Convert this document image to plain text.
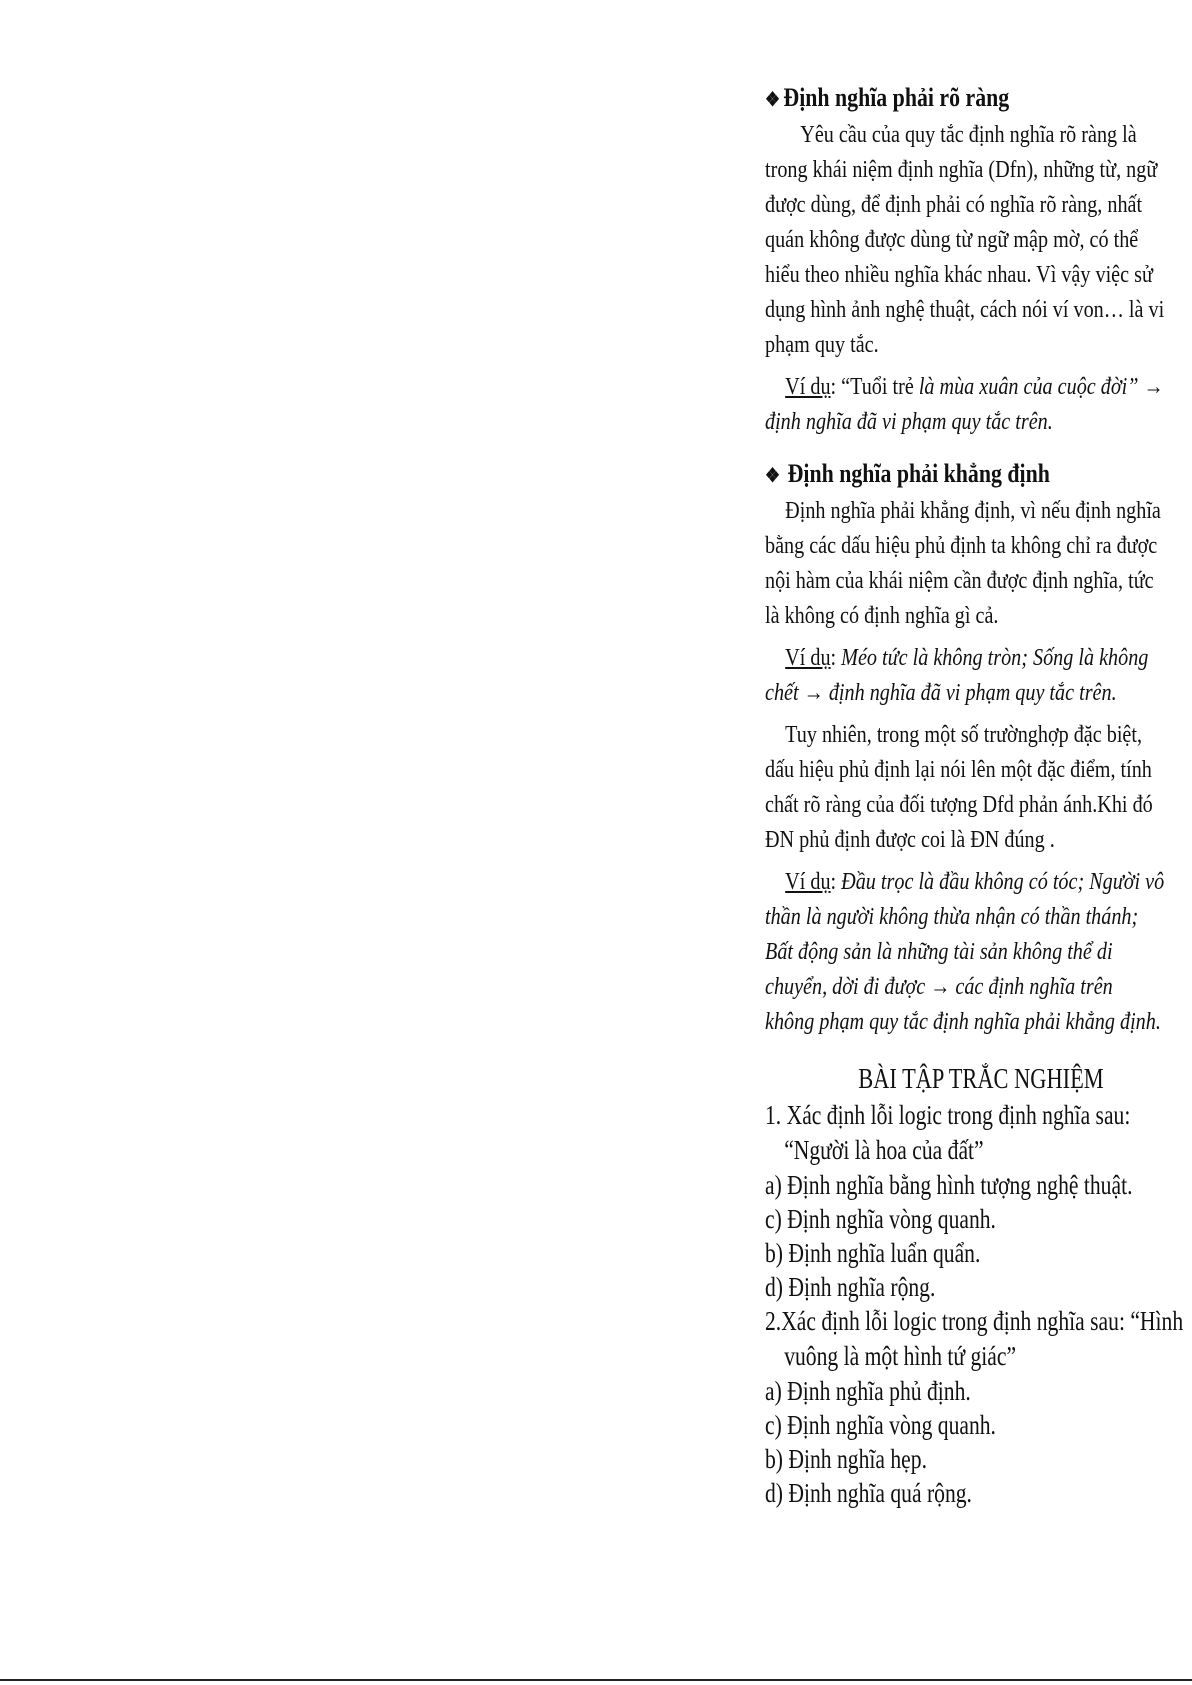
❖ Định nghĩa phải rõ ràng

Yêu cầu của quy tắc định nghĩa rõ ràng là trong khái niệm định nghĩa (Dfn), những từ, ngữ được dùng, để định phải có nghĩa rõ ràng, nhất quán không được dùng từ ngữ mập mờ, có thể hiểu theo nhiều nghĩa khác nhau. Vì vậy việc sử dụng hình ảnh nghệ thuật, cách nói ví von… là vi phạm quy tắc.

Ví dụ: “Tuổi trẻ là mùa xuân của cuộc đời” → định nghĩa đã vi phạm quy tắc trên.

❖ Định nghĩa phải khẳng định

Định nghĩa phải khẳng định, vì nếu định nghĩa bằng các dấu hiệu phủ định ta không chỉ ra được nội hàm của khái niệm cần được định nghĩa, tức là không có định nghĩa gì cả.

Ví dụ: Méo tức là không tròn; Sống là không chết → định nghĩa đã vi phạm quy tắc trên.

Tuy nhiên, trong một số trườnghợp đặc biệt, dấu hiệu phủ định lại nói lên một đặc điểm, tính chất rõ ràng của đối tượng Dfd phản ánh.Khi đó ĐN phủ định được coi là ĐN đúng .

Ví dụ: Đầu trọc là đầu không có tóc; Người vô thần là người không thừa nhận có thần thánh; Bất động sản là những tài sản không thể di chuyển, dời đi được → các định nghĩa trên không phạm quy tắc định nghĩa phải khẳng định.

BÀI TẬP TRẮC NGHIỆM

1. Xác định lỗi logic trong định nghĩa sau: “Người là hoa của đất”

a) Định nghĩa bằng hình tượng nghệ thuật.

c) Định nghĩa vòng quanh.

b) Định nghĩa luẩn quẩn.

d) Định nghĩa rộng.

2.Xác định lỗi logic trong định nghĩa sau: “Hình vuông là một hình tứ giác”

a) Định nghĩa phủ định.

c) Định nghĩa vòng quanh.

b) Định nghĩa hẹp.

d) Định nghĩa quá rộng.
